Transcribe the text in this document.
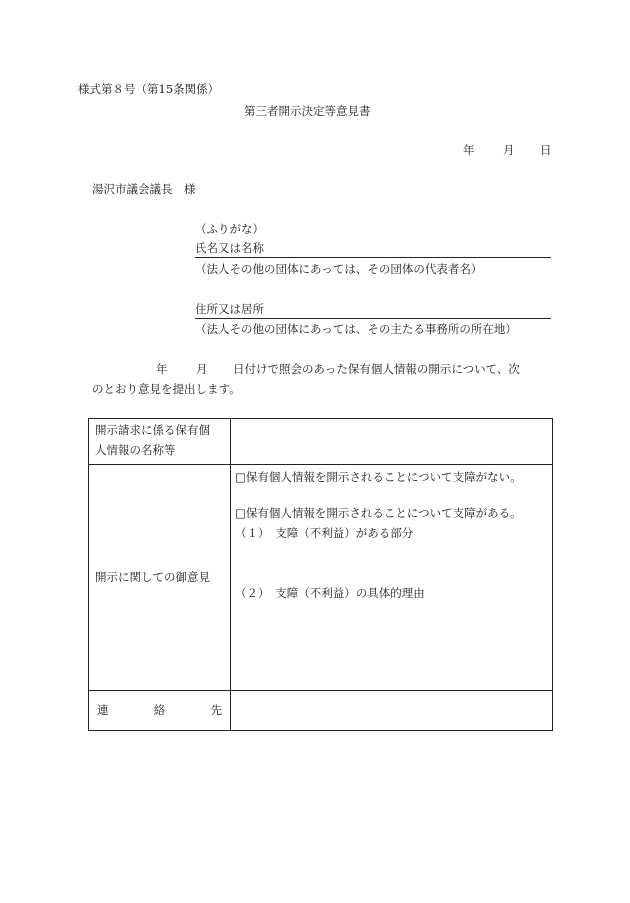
様式第８号（第15条関係）
第三者開示決定等意見書
年 月 日
湯沢市議会議長　様
（ふりがな）
氏名又は名称
（法人その他の団体にあっては、その団体の代表者名）
住所又は居所
（法人その他の団体にあっては、その主たる事務所の所在地）
年 月 日付けで照会のあった保有個人情報の開示について、次
のとおり意見を提出します。
開示請求に係る保有個
人情報の名称等	

開示に関しての御意見	□保有個人情報を開示されることについて支障がない。
□保有個人情報を開示されることについて支障がある。
（１）　支障（不利益）がある部分
（２）　支障（不利益）の具体的理由

連 絡 先	
